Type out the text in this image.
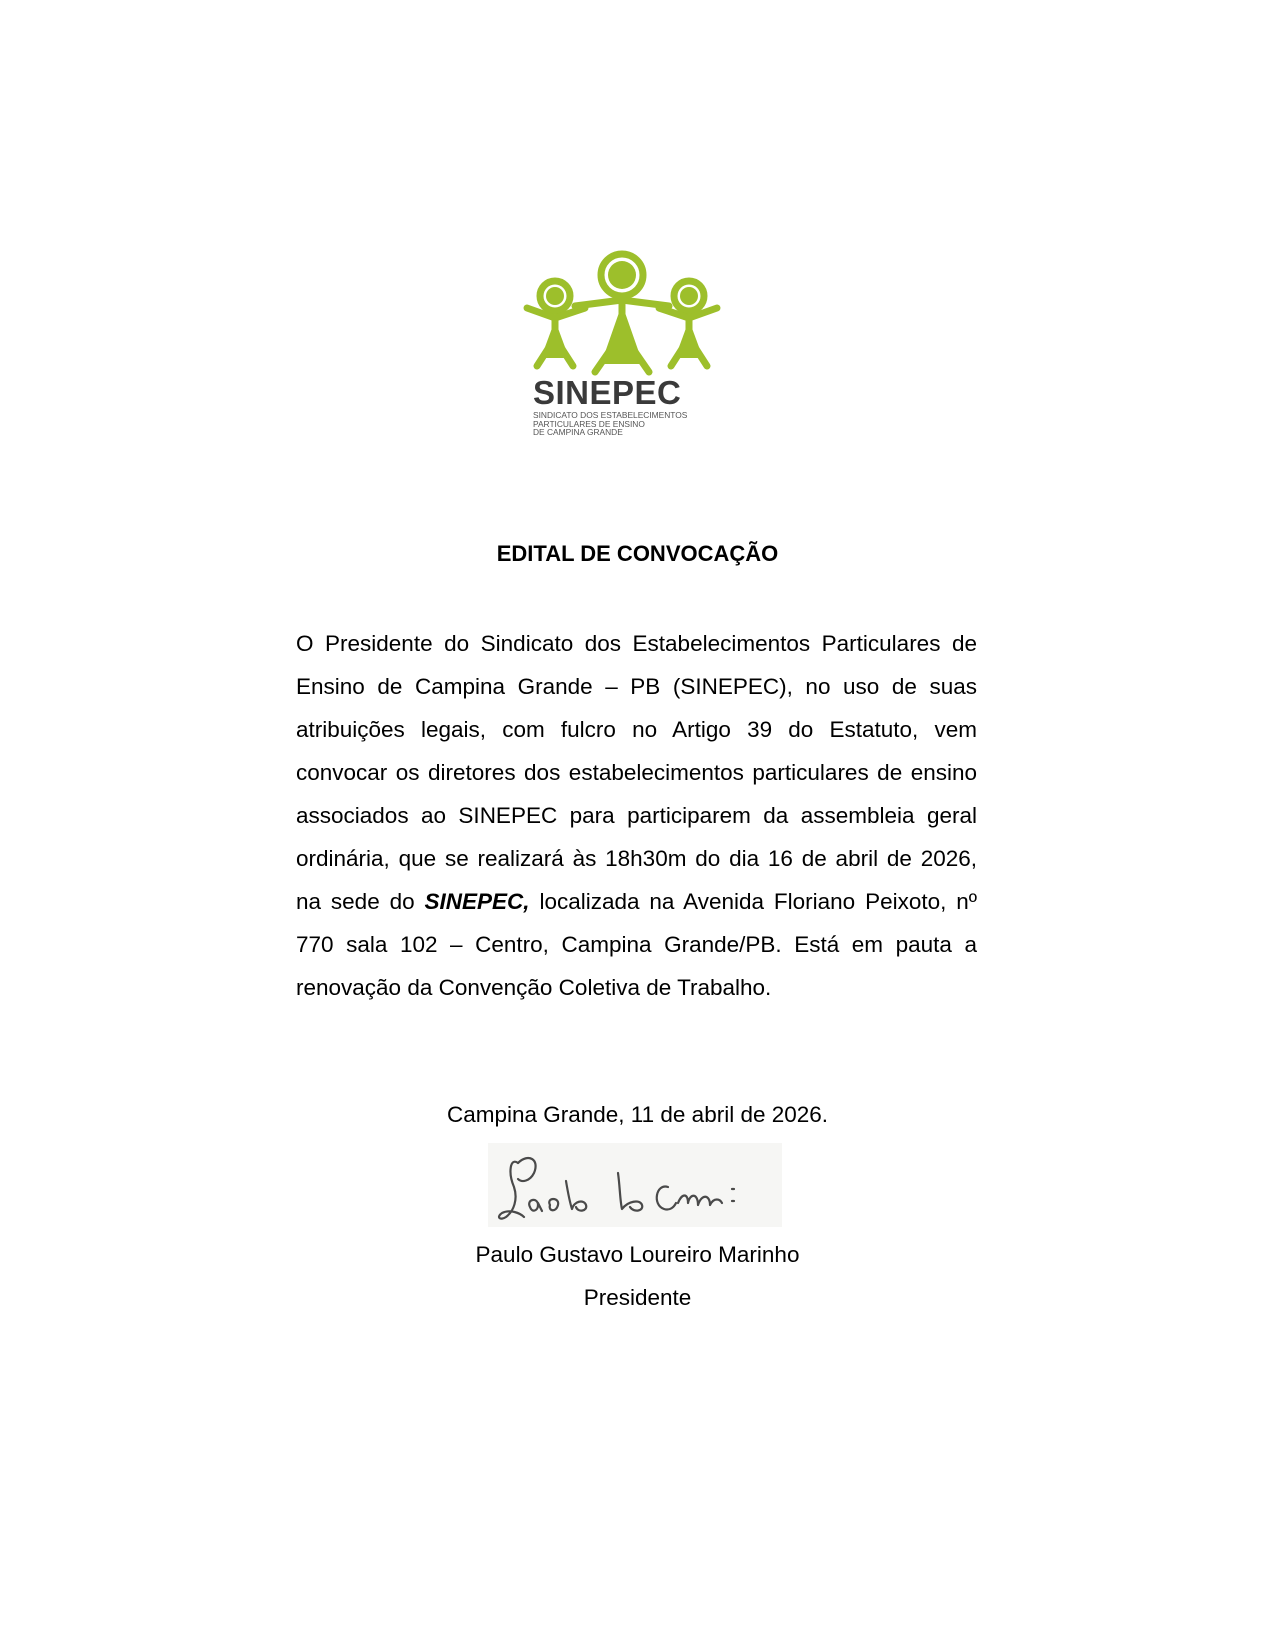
SINEPEC
SINDICATO DOS ESTABELECIMENTOS
PARTICULARES DE ENSINO
DE CAMPINA GRANDE
EDITAL DE CONVOCAÇÃO

O Presidente do Sindicato dos Estabelecimentos Particulares de Ensino de Campina Grande – PB (SINEPEC), no uso de suas atribuições legais, com fulcro no Artigo 39 do Estatuto, vem convocar os diretores dos estabelecimentos particulares de ensino associados ao SINEPEC para participarem da assembleia geral ordinária, que se realizará às 18h30m do dia 16 de abril de 2026, na sede do SINEPEC, localizada na Avenida Floriano Peixoto, nº 770 sala 102 – Centro, Campina Grande/PB. Está em pauta a renovação da Convenção Coletiva de Trabalho.

Campina Grande, 11 de abril de 2026.
Paulo Gustavo Loureiro Marinho
Presidente
